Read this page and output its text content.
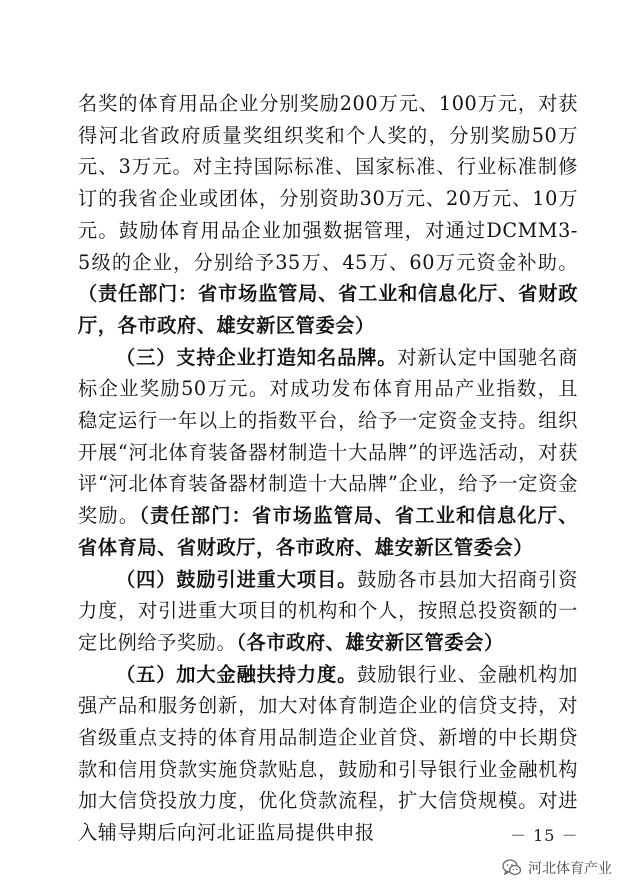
名奖的体育用品企业分别奖励200万元、100万元，对获得河北省政府质量奖组织奖和个人奖的，分别奖励50万元、3万元。对主持国际标准、国家标准、行业标准制修订的我省企业或团体，分别资助30万元、20万元、10万元。鼓励体育用品企业加强数据管理，对通过DCMM3-5级的企业，分别给予35万、45万、60万元资金补助。（责任部门：省市场监管局、省工业和信息化厅、省财政厅，各市政府、雄安新区管委会）

（三）支持企业打造知名品牌。对新认定中国驰名商标企业奖励50万元。对成功发布体育用品产业指数，且稳定运行一年以上的指数平台，给予一定资金支持。组织开展“河北体育装备器材制造十大品牌”的评选活动，对获评“河北体育装备器材制造十大品牌”企业，给予一定资金奖励。（责任部门：省市场监管局、省工业和信息化厅、省体育局、省财政厅，各市政府、雄安新区管委会）

（四）鼓励引进重大项目。鼓励各市县加大招商引资力度，对引进重大项目的机构和个人，按照总投资额的一定比例给予奖励。（各市政府、雄安新区管委会）

（五）加大金融扶持力度。鼓励银行业、金融机构加强产品和服务创新，加大对体育制造企业的信贷支持，对省级重点支持的体育用品制造企业首贷、新增的中长期贷款和信用贷款实施贷款贴息，鼓励和引导银行业金融机构加大信贷投放力度，优化贷款流程，扩大信贷规模。对进入辅导期后向河北证监局提供申报	－ 15 －
河北体育产业
